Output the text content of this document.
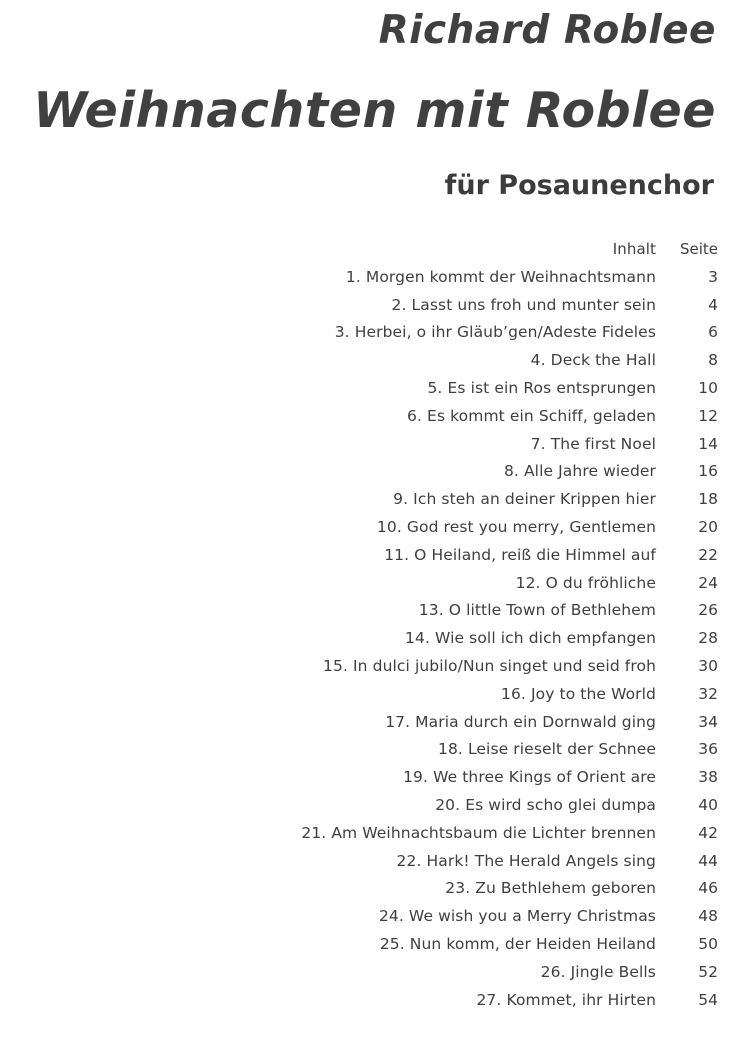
Richard Roblee
Weihnachten mit Roblee
für Posaunenchor
Inhalt	Seite
1. Morgen kommt der Weihnachtsmann	3
2. Lasst uns froh und munter sein	4
3. Herbei, o ihr Gläub’gen/Adeste Fideles	6
4. Deck the Hall	8
5. Es ist ein Ros entsprungen	10
6. Es kommt ein Schiff, geladen	12
7. The first Noel	14
8. Alle Jahre wieder	16
9. Ich steh an deiner Krippen hier	18
10. God rest you merry, Gentlemen	20
11. O Heiland, reiß die Himmel auf	22
12. O du fröhliche	24
13. O little Town of Bethlehem	26
14. Wie soll ich dich empfangen	28
15. In dulci jubilo/Nun singet und seid froh	30
16. Joy to the World	32
17. Maria durch ein Dornwald ging	34
18. Leise rieselt der Schnee	36
19. We three Kings of Orient are	38
20. Es wird scho glei dumpa	40
21. Am Weihnachtsbaum die Lichter brennen	42
22. Hark! The Herald Angels sing	44
23. Zu Bethlehem geboren	46
24. We wish you a Merry Christmas	48
25. Nun komm, der Heiden Heiland	50
26. Jingle Bells	52
27. Kommet, ihr Hirten	54
